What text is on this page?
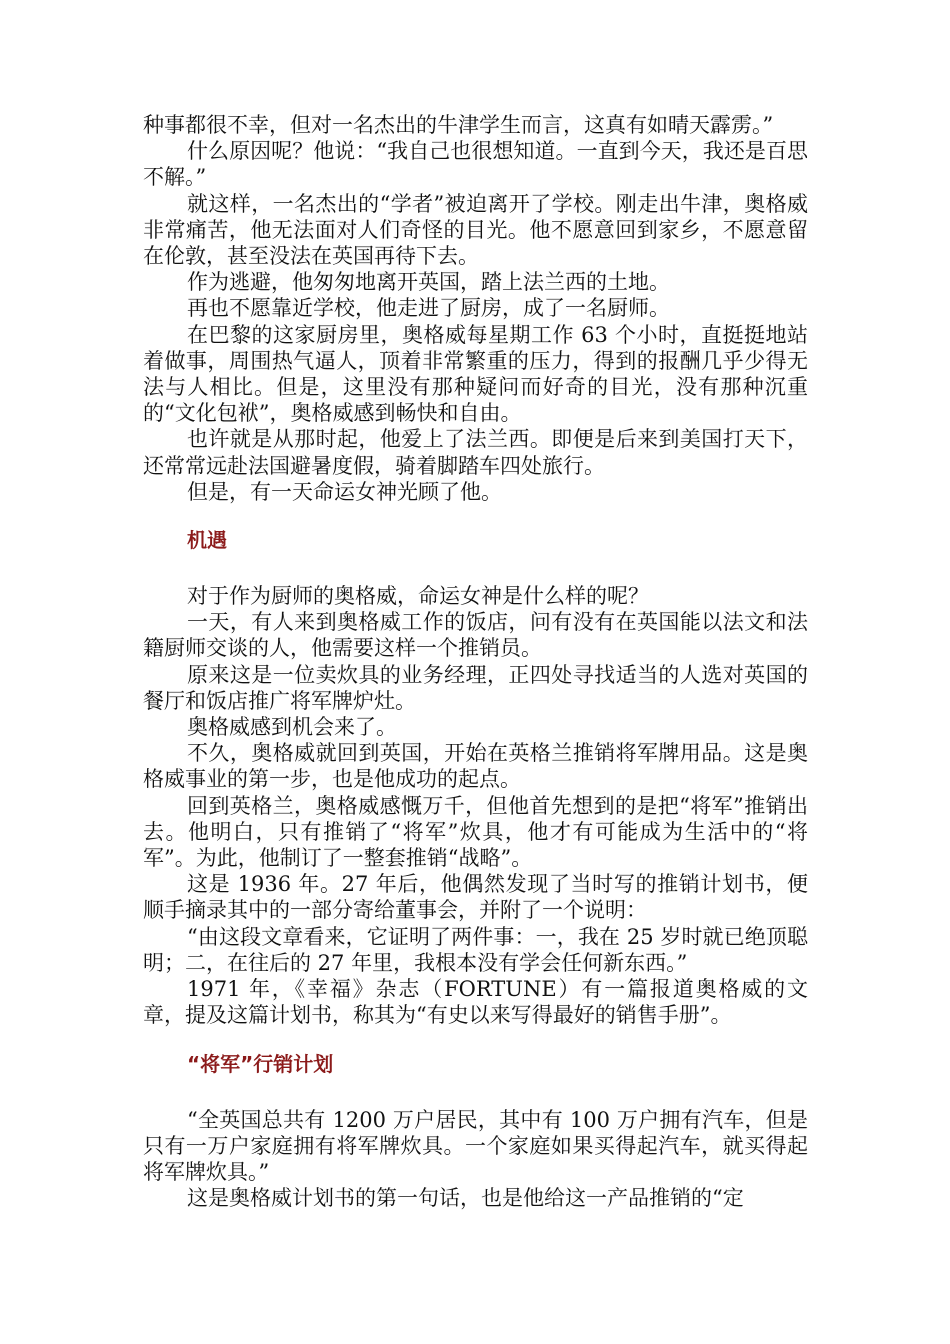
种事都很不幸，但对一名杰出的牛津学生而言，这真有如晴天霹雳。”

什么原因呢？他说：“我自己也很想知道。一直到今天，我还是百思不解。”

就这样，一名杰出的“学者”被迫离开了学校。刚走出牛津，奥格威非常痛苦，他无法面对人们奇怪的目光。他不愿意回到家乡，不愿意留在伦敦，甚至没法在英国再待下去。

作为逃避，他匆匆地离开英国，踏上法兰西的土地。

再也不愿靠近学校，他走进了厨房，成了一名厨师。

在巴黎的这家厨房里，奥格威每星期工作 63 个小时，直挺挺地站着做事，周围热气逼人，顶着非常繁重的压力，得到的报酬几乎少得无法与人相比。但是，这里没有那种疑问而好奇的目光，没有那种沉重的“文化包袱”，奥格威感到畅快和自由。

也许就是从那时起，他爱上了法兰西。即便是后来到美国打天下，还常常远赴法国避暑度假，骑着脚踏车四处旅行。

但是，有一天命运女神光顾了他。

机遇

对于作为厨师的奥格威，命运女神是什么样的呢？

一天，有人来到奥格威工作的饭店，问有没有在英国能以法文和法籍厨师交谈的人，他需要这样一个推销员。

原来这是一位卖炊具的业务经理，正四处寻找适当的人选对英国的餐厅和饭店推广将军牌炉灶。

奥格威感到机会来了。

不久，奥格威就回到英国，开始在英格兰推销将军牌用品。这是奥格威事业的第一步，也是他成功的起点。

回到英格兰，奥格威感慨万千，但他首先想到的是把“将军”推销出去。他明白，只有推销了“将军”炊具，他才有可能成为生活中的“将军”。为此，他制订了一整套推销“战略”。

这是 1936 年。27 年后，他偶然发现了当时写的推销计划书，便顺手摘录其中的一部分寄给董事会，并附了一个说明：

“由这段文章看来，它证明了两件事：一，我在 25 岁时就已绝顶聪明；二，在往后的 27 年里，我根本没有学会任何新东西。”

1971 年，《幸福》杂志（FORTUNE）有一篇报道奥格威的文章，提及这篇计划书，称其为“有史以来写得最好的销售手册”。

“将军”行销计划

“全英国总共有 1200 万户居民，其中有 100 万户拥有汽车，但是只有一万户家庭拥有将军牌炊具。一个家庭如果买得起汽车，就买得起将军牌炊具。”

这是奥格威计划书的第一句话，也是他给这一产品推销的“定
